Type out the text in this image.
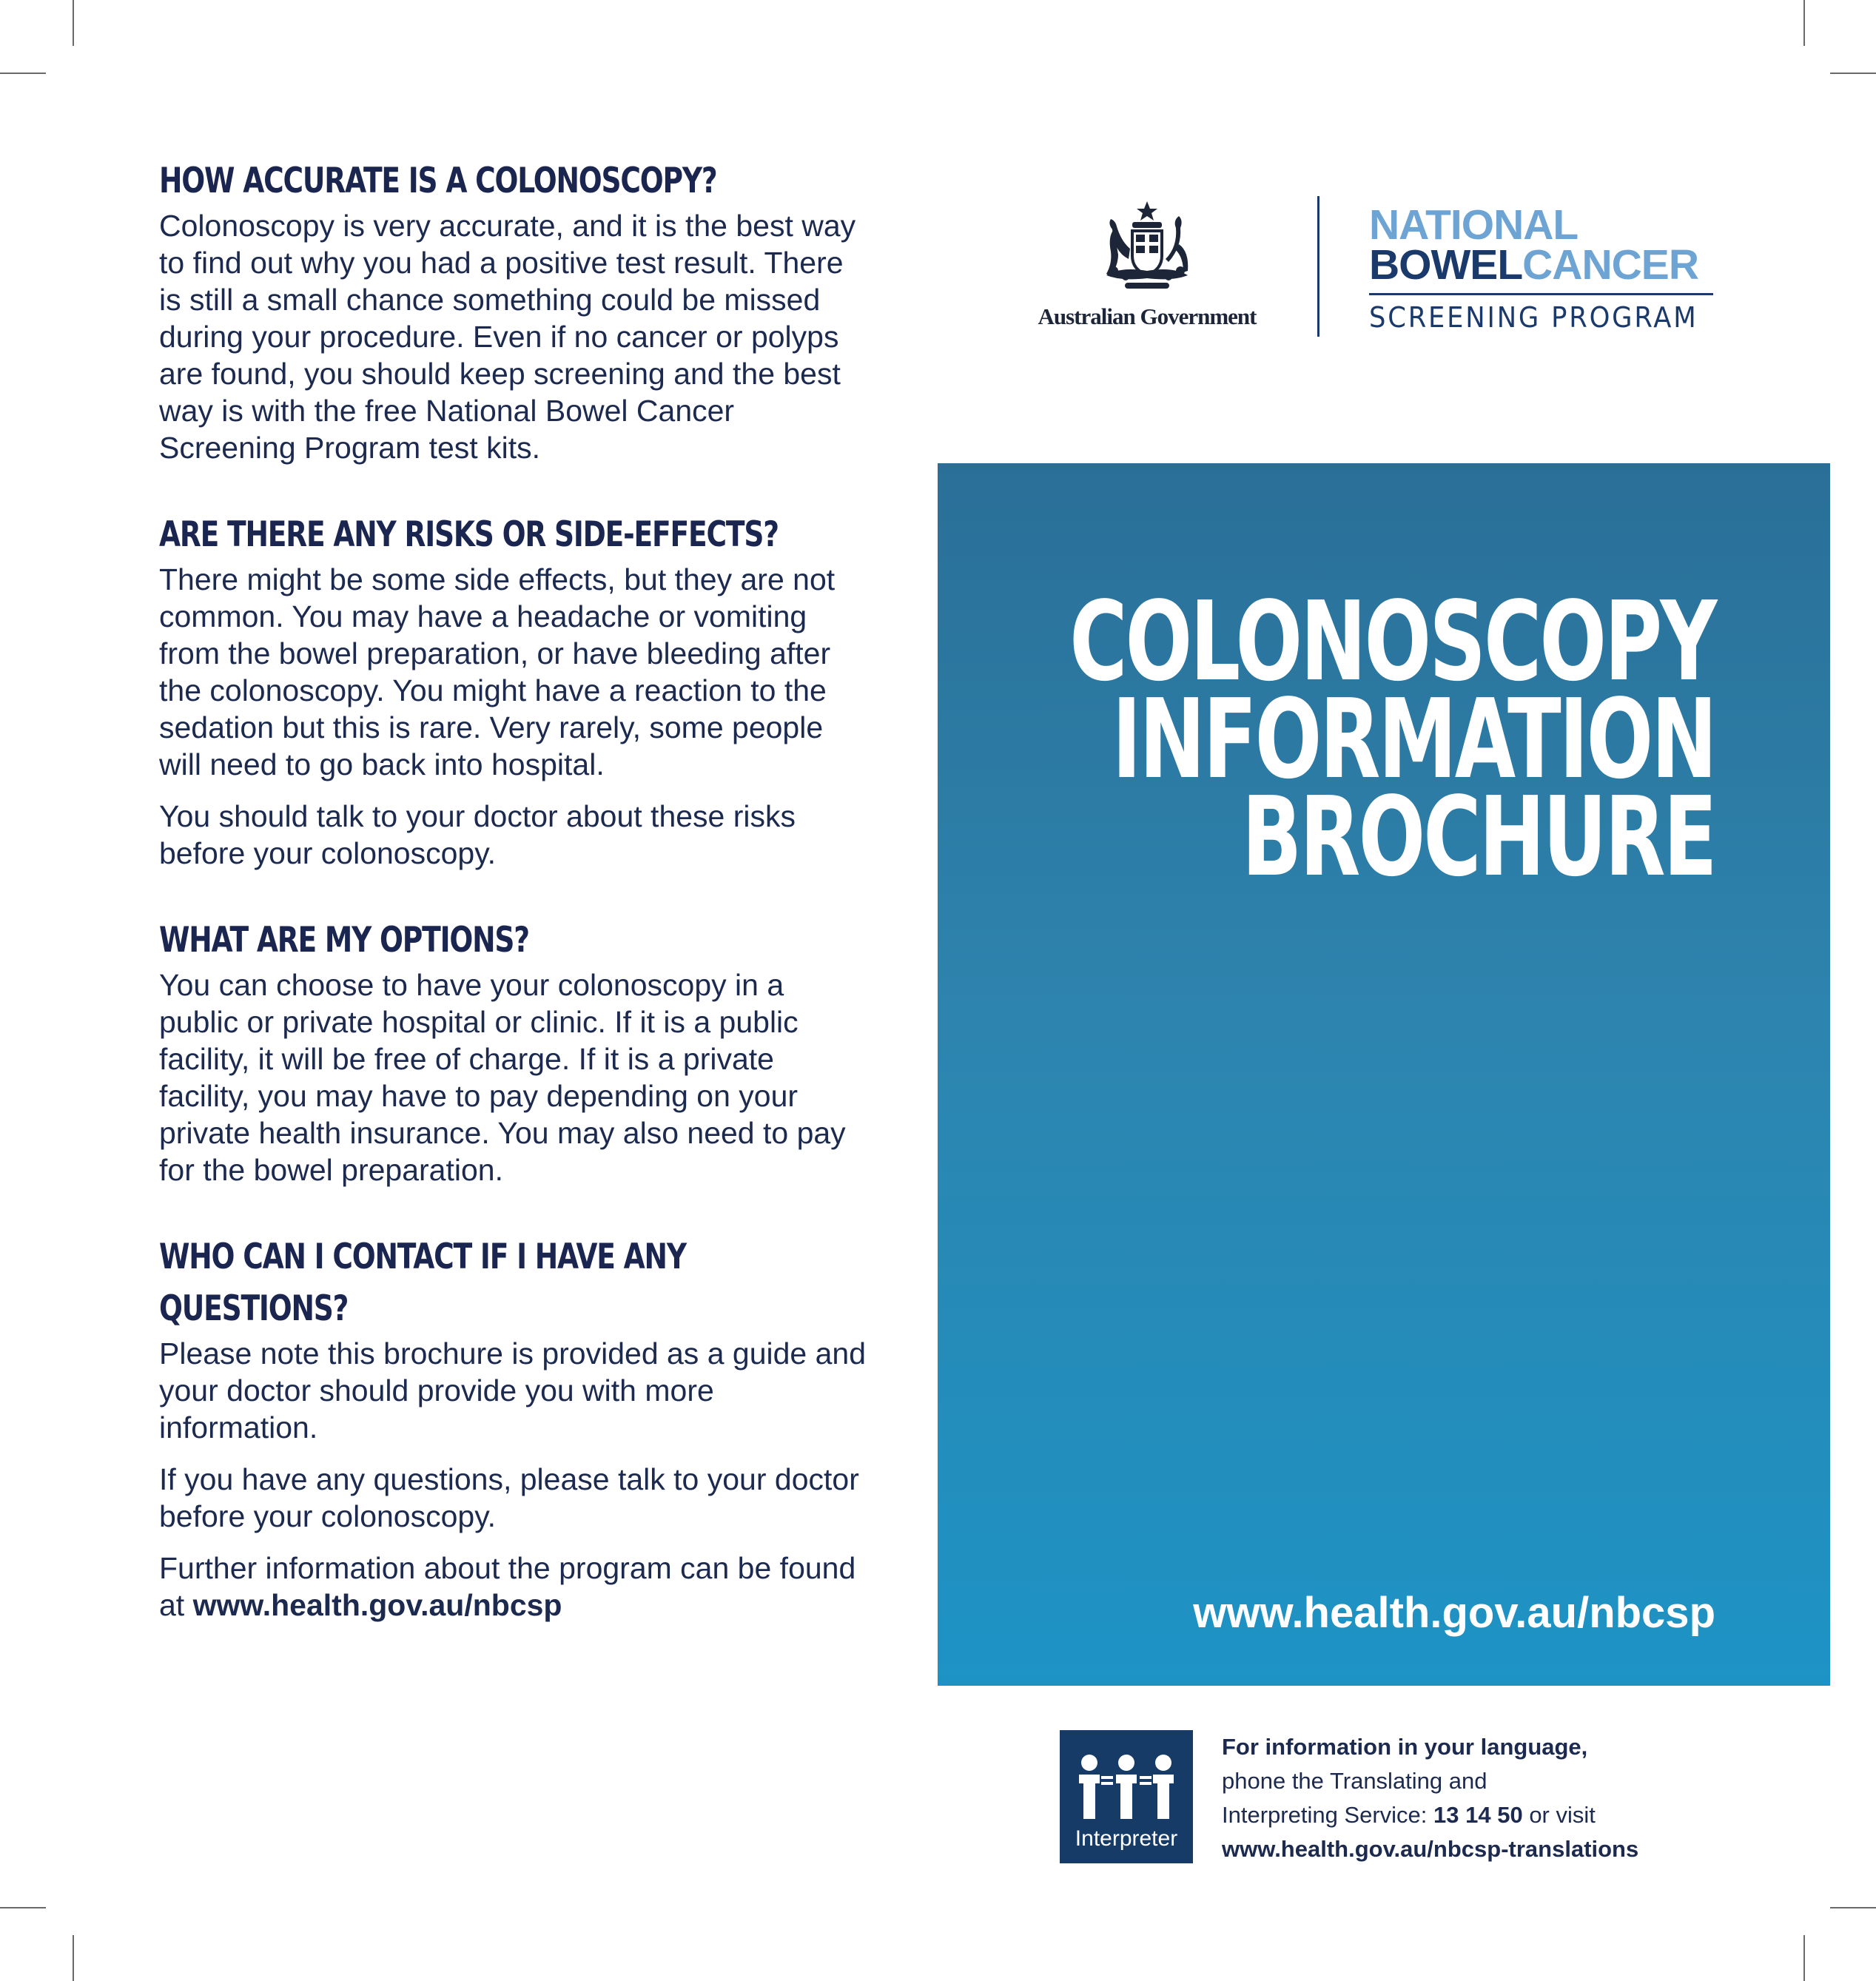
HOW ACCURATE IS A COLONOSCOPY?

Colonoscopy is very accurate, and it is the best way to find out why you had a positive test result. There is still a small chance something could be missed during your procedure. Even if no cancer or polyps are found, you should keep screening and the best way is with the free National Bowel Cancer Screening Program test kits.

ARE THERE ANY RISKS OR SIDE-EFFECTS?

There might be some side effects, but they are not common. You may have a headache or vomiting from the bowel preparation, or have bleeding after the colonoscopy. You might have a reaction to the sedation but this is rare. Very rarely, some people will need to go back into hospital.

You should talk to your doctor about these risks before your colonoscopy.

WHAT ARE MY OPTIONS?

You can choose to have your colonoscopy in a public or private hospital or clinic. If it is a public facility, it will be free of charge. If it is a private facility, you may have to pay depending on your private health insurance. You may also need to pay for the bowel preparation.

WHO CAN I CONTACT IF I HAVE ANY
QUESTIONS?

Please note this brochure is provided as a guide and your doctor should provide you with more information.

If you have any questions, please talk to your doctor before your colonoscopy.

Further information about the program can be found at www.health.gov.au/nbcsp

Australian Government
NATIONAL
BOWELCANCER
SCREENING PROGRAM
COLONOSCOPY
INFORMATION
BROCHURE
www.health.gov.au/nbcsp
Interpreter
For information in your language,
phone the Translating and
Interpreting Service: 13 14 50 or visit
www.health.gov.au/nbcsp-translations
